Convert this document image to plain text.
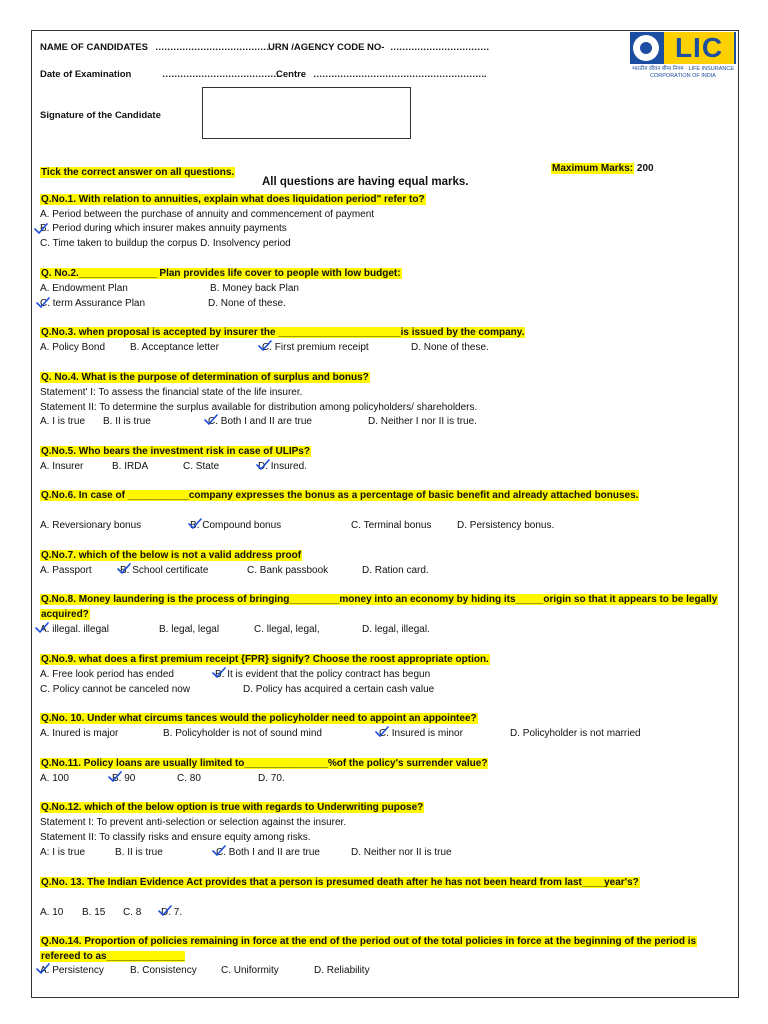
NAME OF CANDIDATES …………………………………
URN /AGENCY CODE NO- ……………………………
Date of Examination	………………………………….
Centre ………………………………………………….
Signature of the Candidate
LIC
भारतीय जीवन बीमा निगम · LIFE INSURANCE CORPORATION OF INDIA
Tick the correct answer on all questions.	Maximum Marks: 200
All questions are having equal marks.
Q.No.1. With relation to annuities, explain what does liquidation period" refer to?
A. Period between the purchase of annuity and commencement of payment
B. Period during which insurer makes annuity payments
C. Time taken to buildup the corpus D. Insolvency period
Q. No.2.______________ Plan provides life cover to people with low budget:
A. Endowment Plan	B. Money back Plan
C. term Assurance Plan	D. None of these.
Q.No.3. when proposal is accepted by insurer the ______________________is issued by the company.
A. Policy Bond B. Acceptance letter	C. First premium receipt	D. None of these.
Q. No.4. What is the purpose of determination of surplus and bonus?
Statement' I: To assess the financial state of the life insurer.
Statement II: To determine the surplus available for distribution among policyholders/ shareholders.
A. I is true B. II is true	C. Both I and II are true	D. Neither I nor II is true.
Q.No.5. Who bears the investment risk in case of ULIPs?
A. Insurer	B. IRDA	C. State	D. Insured.
Q.No.6. In case of ___________company expresses the bonus as a percentage of basic benefit and already attached bonuses.
A. Reversionary bonus	B. Compound bonus	C. Terminal bonus	D. Persistency bonus.
Q.No.7. which of the below is not a valid address proof
A. Passport	B. School certificate	C. Bank passbook	D. Ration card.
Q.No.8. Money laundering is the process of bringing_________money into an economy by hiding its_____origin so that it appears to be legally acquired?
A. illegal. illegal	B. legal, legal	C. llegal, legal,	D. legal, illegal.
Q.No.9. what does a first premium receipt {FPR} signify? Choose the roost appropriate option.
A. Free look period has ended	B. It is evident that the policy contract has begun
C. Policy cannot be canceled now	D. Policy has acquired a certain cash value
Q.No. 10. Under what circums tances would the policyholder need to appoint an appointee?
A. Inured is major	B. Policyholder is not of sound mind	C. Insured is minor	D. Policyholder is not married
Q.No.11. Policy loans are usually limited to_______________%of the policy's surrender value?
A. 100	B. 90	C. 80	D. 70.
Q.No.12. which of the below option is true with regards to Underwriting pupose?
Statement I: To prevent anti-selection or selection against the insurer.
Statement II: To classify risks and ensure equity among risks.
A: I is true	B. II is true	C. Both I and II are true	D. Neither nor II is true
Q.No. 13. The Indian Evidence Act provides that a person is presumed death after he has not been heard from last____year's?
A. 10 B. 15 C. 8 D. 7.
Q.No.14. Proportion of policies remaining in force at the end of the period out of the total policies in force at the beginning of the period is refereed to as______________
A. Persistency	B. Consistency C. Uniformity	D. Reliability
